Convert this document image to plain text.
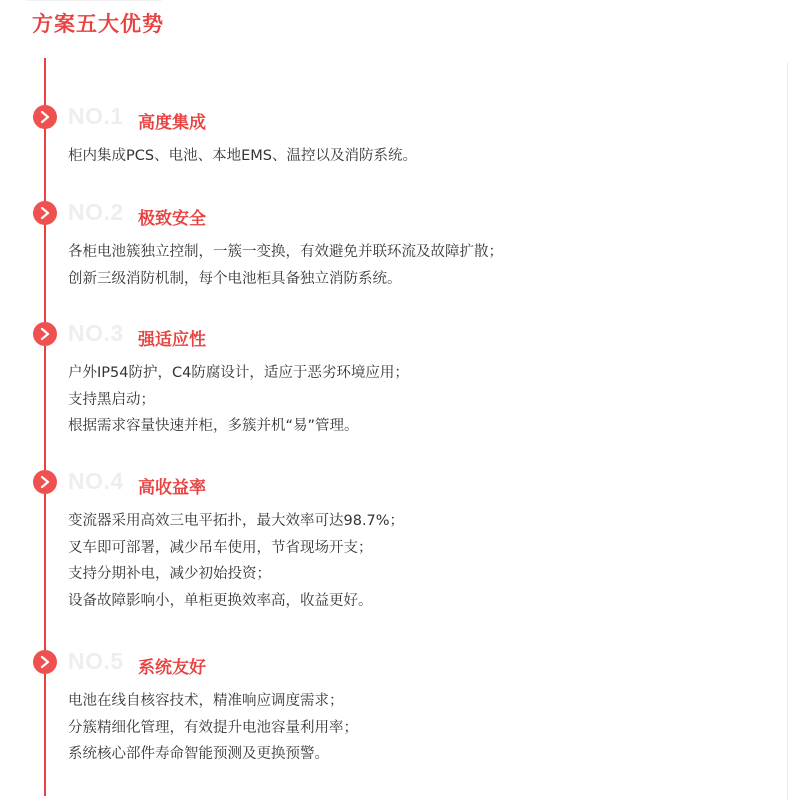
方案五大优势
NO.1 高度集成
柜内集成PCS、电池、本地EMS、温控以及消防系统。
NO.2 极致安全
各柜电池簇独立控制，一簇一变换，有效避免并联环流及故障扩散；
创新三级消防机制，每个电池柜具备独立消防系统。
NO.3 强适应性
户外IP54防护，C4防腐设计，适应于恶劣环境应用；
支持黑启动；
根据需求容量快速并柜，多簇并机“易”管理。
NO.4 高收益率
变流器采用高效三电平拓扑，最大效率可达98.7%；
叉车即可部署，减少吊车使用，节省现场开支；
支持分期补电，减少初始投资；
设备故障影响小，单柜更换效率高，收益更好。
NO.5 系统友好
电池在线自核容技术，精准响应调度需求；
分簇精细化管理，有效提升电池容量利用率；
系统核心部件寿命智能预测及更换预警。
